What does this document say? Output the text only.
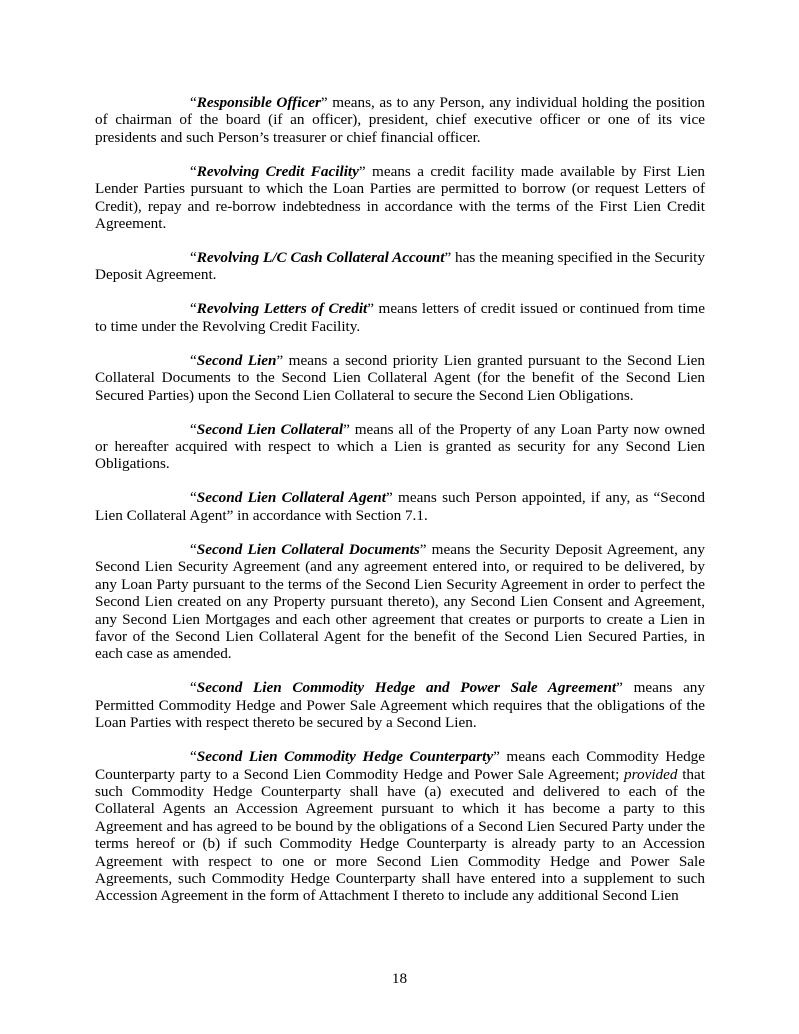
“Responsible Officer” means, as to any Person, any individual holding the position of chairman of the board (if an officer), president, chief executive officer or one of its vice presidents and such Person’s treasurer or chief financial officer.

“Revolving Credit Facility” means a credit facility made available by First Lien Lender Parties pursuant to which the Loan Parties are permitted to borrow (or request Letters of Credit), repay and re-borrow indebtedness in accordance with the terms of the First Lien Credit Agreement.

“Revolving L/C Cash Collateral Account” has the meaning specified in the Security Deposit Agreement.

“Revolving Letters of Credit” means letters of credit issued or continued from time to time under the Revolving Credit Facility.

“Second Lien” means a second priority Lien granted pursuant to the Second Lien Collateral Documents to the Second Lien Collateral Agent (for the benefit of the Second Lien Secured Parties) upon the Second Lien Collateral to secure the Second Lien Obligations.

“Second Lien Collateral” means all of the Property of any Loan Party now owned or hereafter acquired with respect to which a Lien is granted as security for any Second Lien Obligations.

“Second Lien Collateral Agent” means such Person appointed, if any, as “Second Lien Collateral Agent” in accordance with Section 7.1.

“Second Lien Collateral Documents” means the Security Deposit Agreement, any Second Lien Security Agreement (and any agreement entered into, or required to be delivered, by any Loan Party pursuant to the terms of the Second Lien Security Agreement in order to perfect the Second Lien created on any Property pursuant thereto), any Second Lien Consent and Agreement, any Second Lien Mortgages and each other agreement that creates or purports to create a Lien in favor of the Second Lien Collateral Agent for the benefit of the Second Lien Secured Parties, in each case as amended.

“Second Lien Commodity Hedge and Power Sale Agreement” means any Permitted Commodity Hedge and Power Sale Agreement which requires that the obligations of the Loan Parties with respect thereto be secured by a Second Lien.

“Second Lien Commodity Hedge Counterparty” means each Commodity Hedge Counterparty party to a Second Lien Commodity Hedge and Power Sale Agreement; provided that such Commodity Hedge Counterparty shall have (a) executed and delivered to each of the Collateral Agents an Accession Agreement pursuant to which it has become a party to this Agreement and has agreed to be bound by the obligations of a Second Lien Secured Party under the terms hereof or (b) if such Commodity Hedge Counterparty is already party to an Accession Agreement with respect to one or more Second Lien Commodity Hedge and Power Sale Agreements, such Commodity Hedge Counterparty shall have entered into a supplement to such Accession Agreement in the form of Attachment I thereto to include any additional Second Lien

18
